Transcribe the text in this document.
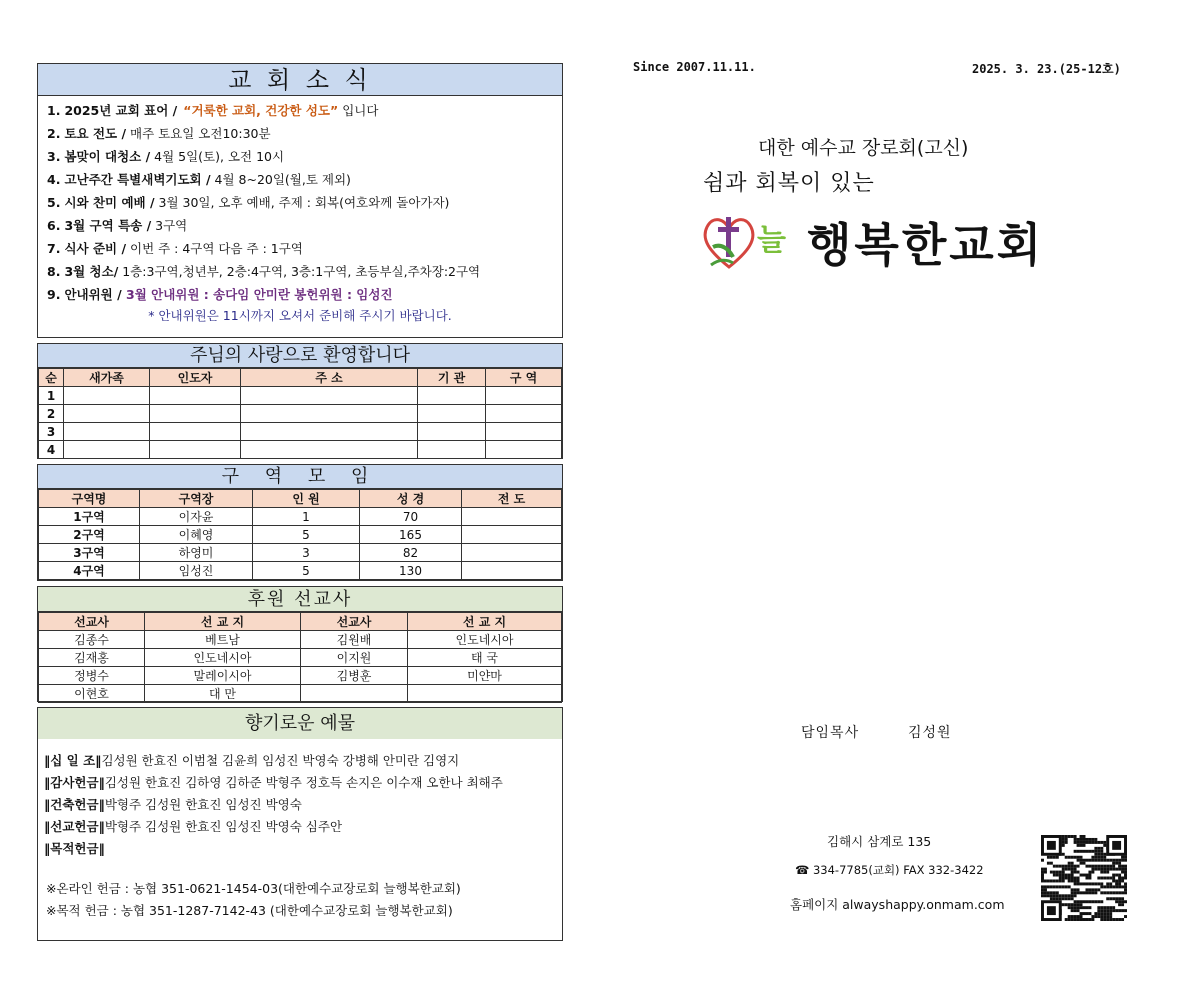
교 회 소 식
1. 2025년 교회 표어 / “거룩한 교회, 건강한 성도” 입니다
2. 토요 전도 / 매주 토요일 오전10:30분
3. 봄맞이 대청소 / 4월 5일(토), 오전 10시
4. 고난주간 특별새벽기도회 / 4월 8~20일(월,토 제외)
5. 시와 찬미 예배 / 3월 30일, 오후 예배, 주제 : 회복(여호와께 돌아가자)
6. 3월 구역 특송 / 3구역
7. 식사 준비 / 이번 주 : 4구역 다음 주 : 1구역
8. 3월 청소/ 1층:3구역,청년부, 2층:4구역, 3층:1구역, 초등부실,주차장:2구역
9. 안내위원 / 3월 안내위원 : 송다임 안미란 봉헌위원 : 임성진
* 안내위원은 11시까지 오셔서 준비해 주시기 바랍니다.
주님의 사랑으로 환영합니다
순	새가족	인도자	주 소	기 관	구 역
1					
2					
3					
4					
구 역 모 임
구역명	구역장	인 원	성 경	전 도
1구역	이자윤	1	70	
2구역	이혜영	5	165	
3구역	하영미	3	82	
4구역	임성진	5	130	
후원 선교사
선교사	선 교 지	선교사	선 교 지
김종수	베트남	김원배	인도네시아
김재홍	인도네시아	이지원	태 국
정병수	말레이시아	김병훈	미얀마
이현호	대 만		
향기로운 예물
‖십 일 조‖김성원 한효진 이범철 김윤희 임성진 박영숙 강병해 안미란 김영지
‖감사헌금‖김성원 한효진 김하영 김하준 박형주 정호득 손지은 이수재 오한나 최해주
‖건축헌금‖박형주 김성원 한효진 임성진 박영숙
‖선교헌금‖박형주 김성원 한효진 임성진 박영숙 심주안
‖목적헌금‖
※온라인 헌금 : 농협 351-0621-1454-03(대한예수교장로회 늘행복한교회)
※목적 헌금 : 농협 351-1287-7142-43 (대한예수교장로회 늘행복한교회)
Since 2007.11.11.	2025. 3. 23.(25-12호)
대한 예수교 장로회(고신)
쉼과 회복이 있는
늘 행복한교회
담임목사	김성원
김해시 삼계로 135
☎ 334-7785(교회) FAX 332-3422
홈페이지 alwayshappy.onmam.com
